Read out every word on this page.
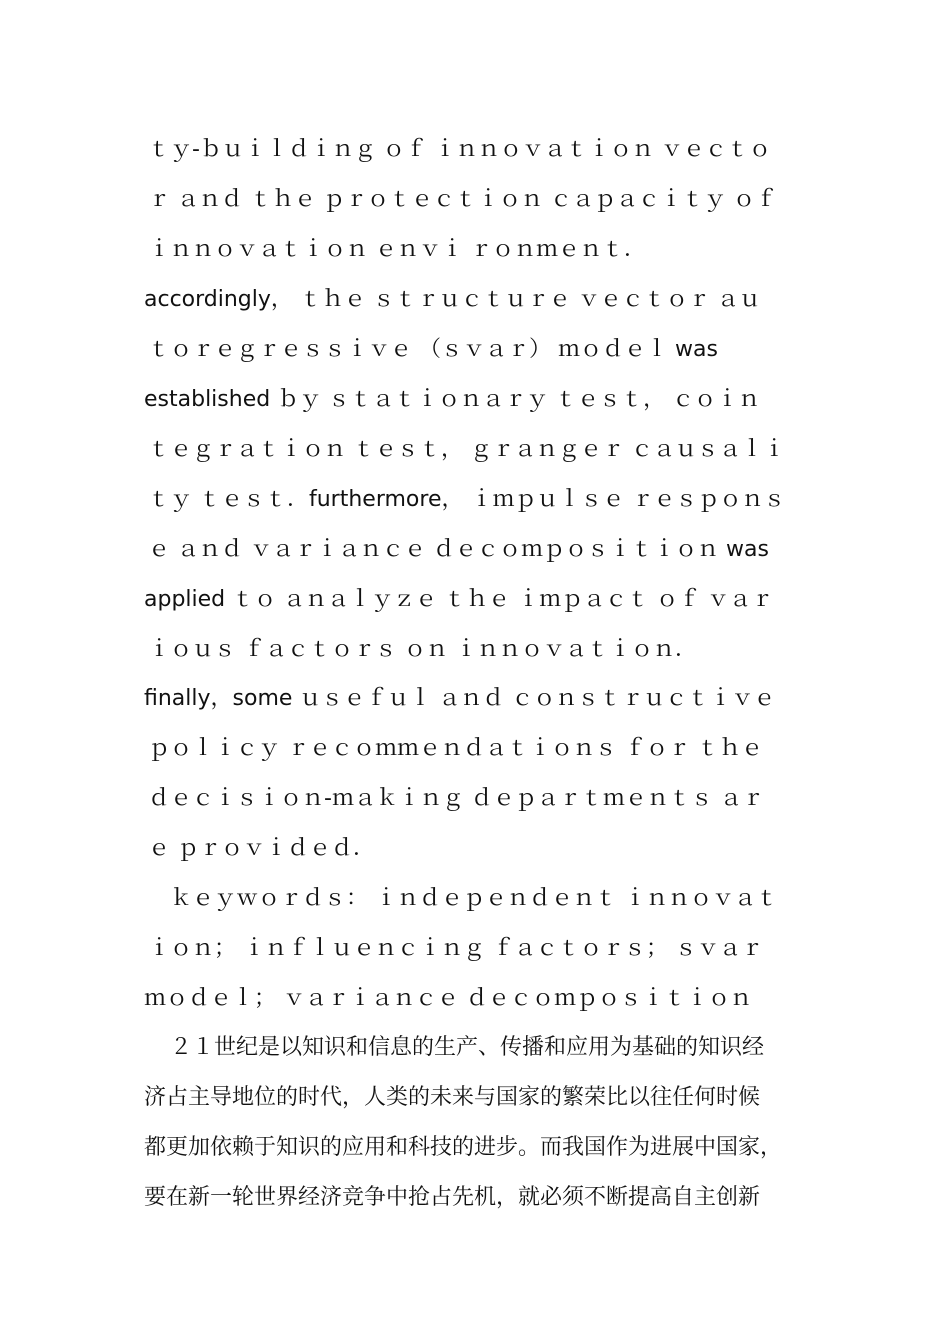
ｔｙ-ｂｕｉｌｄｉｎｇ ｏｆ ｉｎｎｏｖａｔｉｏｎ ｖｅｃｔｏ
ｒ ａｎｄ ｔｈｅ ｐｒｏｔｅｃｔｉｏｎ ｃａｐａｃｉｔｙ ｏｆ
ｉｎｎｏｖａｔｉｏｎ ｅｎｖｉ ｒｏｎｍｅｎｔ．
accordingly， ｔｈｅ ｓｔｒｕｃｔｕｒｅ ｖｅｃｔｏｒ ａｕ
ｔｏｒｅｇｒｅｓｓｉｖｅ （ｓｖａｒ） ｍｏｄｅｌ was
established ｂｙ ｓｔａｔｉｏｎａｒｙ ｔｅｓｔ， ｃｏｉｎ
ｔｅｇｒａｔｉｏｎ ｔｅｓｔ， ｇｒａｎｇｅｒ ｃａｕｓａｌｉ
ｔｙ ｔｅｓｔ．furthermore， ｉｍｐｕｌｓｅ ｒｅｓｐｏｎｓ
ｅ ａｎｄ ｖａｒｉａｎｃｅ ｄｅｃｏｍｐｏｓｉｔｉｏｎ was
applied ｔｏ ａｎａｌｙｚｅ ｔｈｅ ｉｍｐａｃｔ ｏｆ ｖａｒ
ｉｏｕｓ ｆａｃｔｏｒｓ ｏｎ ｉｎｎｏｖａｔｉｏｎ．
finally，some ｕｓｅｆｕｌ ａｎｄ ｃｏｎｓｔｒｕｃｔｉｖｅ
ｐｏｌｉｃｙ ｒｅｃｏｍｍｅｎｄａｔｉｏｎｓ ｆｏｒ ｔｈｅ
ｄｅｃｉｓｉｏｎ-ｍａｋｉｎｇ ｄｅｐａｒｔｍｅｎｔｓ ａｒ
ｅ ｐｒｏｖｉｄｅｄ．
ｋｅｙｗｏｒｄｓ： ｉｎｄｅｐｅｎｄｅｎｔ ｉｎｎｏｖａｔ
ｉｏｎ； ｉｎｆｌｕｅｎｃｉｎｇ ｆａｃｔｏｒｓ； ｓｖａｒ
ｍｏｄｅｌ； ｖａｒｉａｎｃｅ ｄｅｃｏｍｐｏｓｉｔｉｏｎ
２１世纪是以知识和信息的生产、传播和应用为基础的知识经
济占主导地位的时代，人类的未来与国家的繁荣比以往任何时候
都更加依赖于知识的应用和科技的进步。而我国作为进展中国家，
要在新一轮世界经济竞争中抢占先机，就必须不断提高自主创新
